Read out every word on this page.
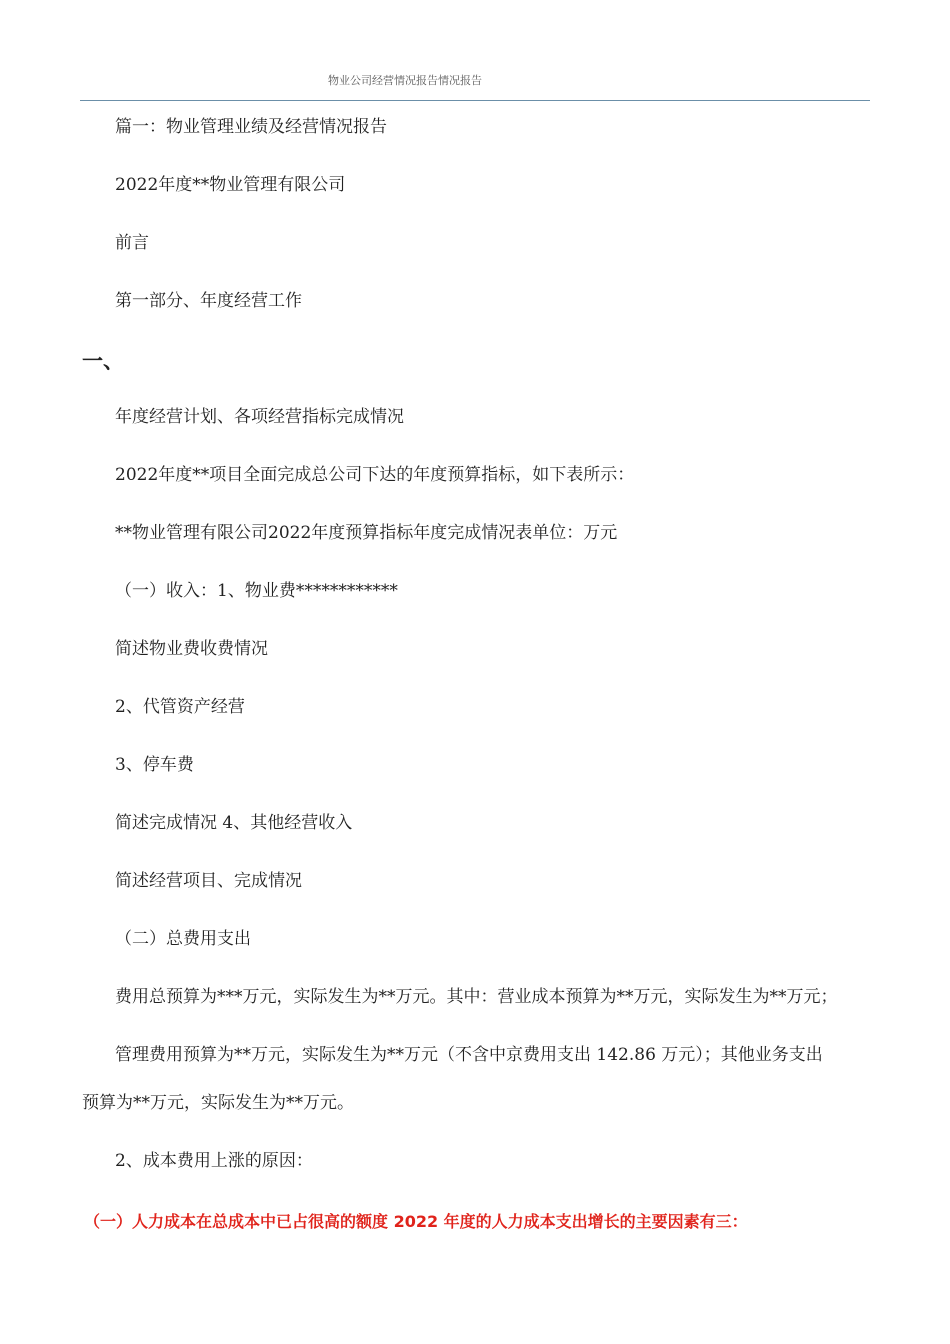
物业公司经营情况报告情况报告
篇一：物业管理业绩及经营情况报告
2022年度**物业管理有限公司
前言
第一部分、年度经营工作
一、
年度经营计划、各项经营指标完成情况
2022年度**项目全面完成总公司下达的年度预算指标，如下表所示：
**物业管理有限公司2022年度预算指标年度完成情况表单位：万元
（一）收入：1、物业费************
简述物业费收费情况
2、代管资产经营
3、停车费
简述完成情况 4、其他经营收入
简述经营项目、完成情况
（二）总费用支出
费用总预算为***万元，实际发生为**万元。其中：营业成本预算为**万元，实际发生为**万元；
管理费用预算为**万元，实际发生为**万元（不含中京费用支出 142.86 万元）；其他业务支出
预算为**万元，实际发生为**万元。
2、成本费用上涨的原因：
（一）人力成本在总成本中已占很高的额度 2022 年度的人力成本支出增长的主要因素有三：
